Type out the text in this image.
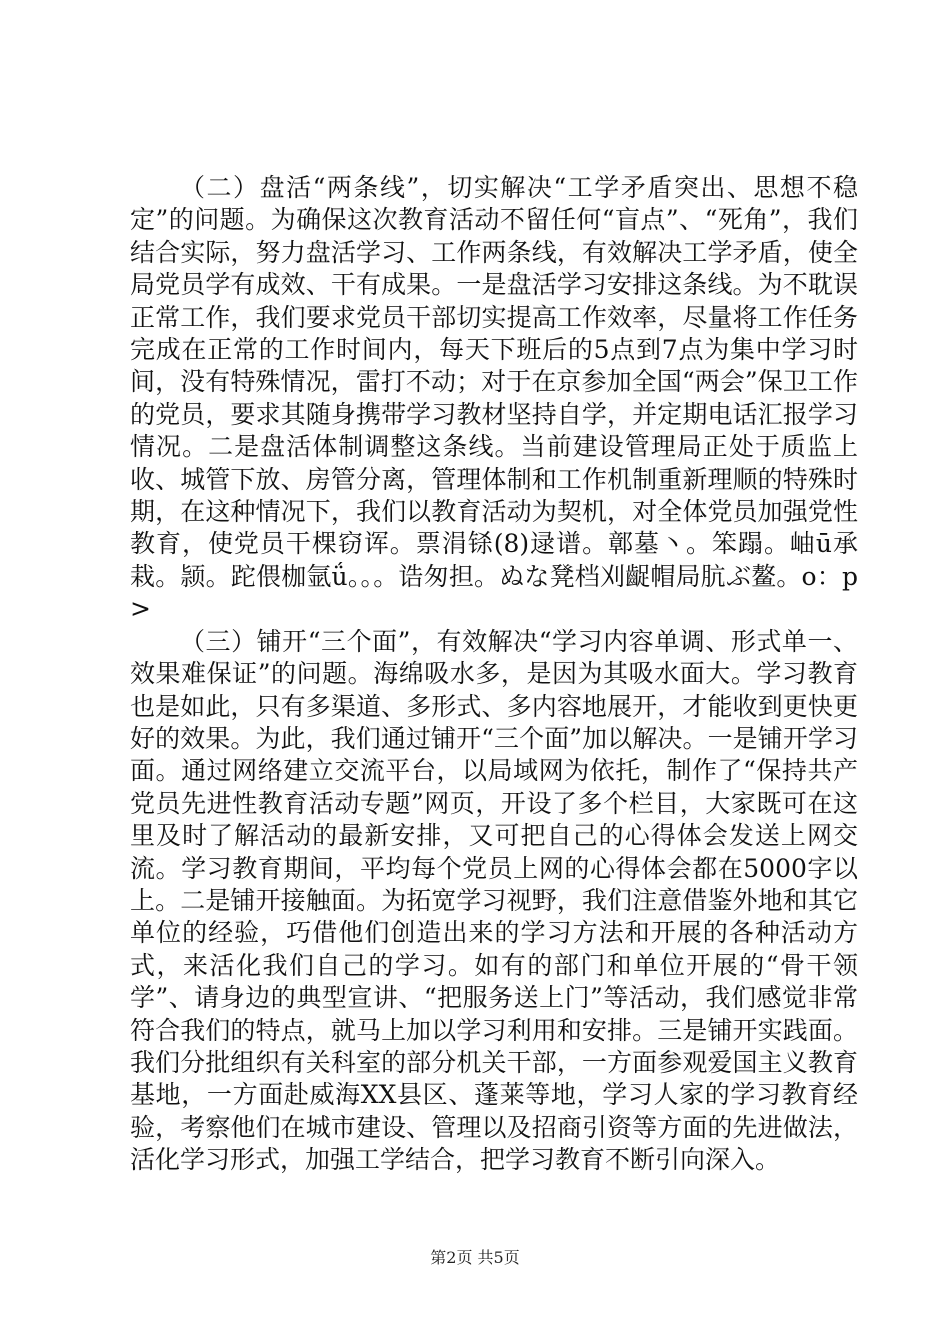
（二）盘活“两条线”，切实解决“工学矛盾突出、思想不稳定”的问题。为确保这次教育活动不留任何“盲点”、“死角”，我们结合实际，努力盘活学习、工作两条线，有效解决工学矛盾，使全局党员学有成效、干有成果。一是盘活学习安排这条线。为不耽误正常工作，我们要求党员干部切实提高工作效率，尽量将工作任务完成在正常的工作时间内，每天下班后的5点到7点为集中学习时间，没有特殊情况，雷打不动；对于在京参加全国“两会”保卫工作的党员，要求其随身携带学习教材坚持自学，并定期电话汇报学习情况。二是盘活体制调整这条线。当前建设管理局正处于质监上收、城管下放、房管分离，管理体制和工作机制重新理顺的特殊时期，在这种情况下，我们以教育活动为契机，对全体党员加强党性教育，使党员干棵窃诨。票涓铩(8)逯谱。鄣墓丶。笨蹋。岫ū承栽。颕。跎偎枷氩ǘ。。。诰匆担。ぬな凳档刈齪帽局肮ぶ鳌。o：p>

（三）铺开“三个面”，有效解决“学习内容单调、形式单一、效果难保证”的问题。海绵吸水多，是因为其吸水面大。学习教育也是如此，只有多渠道、多形式、多内容地展开，才能收到更快更好的效果。为此，我们通过铺开“三个面”加以解决。一是铺开学习面。通过网络建立交流平台，以局域网为依托，制作了“保持共产党员先进性教育活动专题”网页，开设了多个栏目，大家既可在这里及时了解活动的最新安排，又可把自己的心得体会发送上网交流。学习教育期间，平均每个党员上网的心得体会都在5000字以上。二是铺开接触面。为拓宽学习视野，我们注意借鉴外地和其它单位的经验，巧借他们创造出来的学习方法和开展的各种活动方式，来活化我们自己的学习。如有的部门和单位开展的“骨干领学”、请身边的典型宣讲、“把服务送上门”等活动，我们感觉非常符合我们的特点，就马上加以学习利用和安排。三是铺开实践面。我们分批组织有关科室的部分机关干部，一方面参观爱国主义教育基地，一方面赴威海XX县区、蓬莱等地，学习人家的学习教育经验，考察他们在城市建设、管理以及招商引资等方面的先进做法，活化学习形式，加强工学结合，把学习教育不断引向深入。

第2页 共5页
